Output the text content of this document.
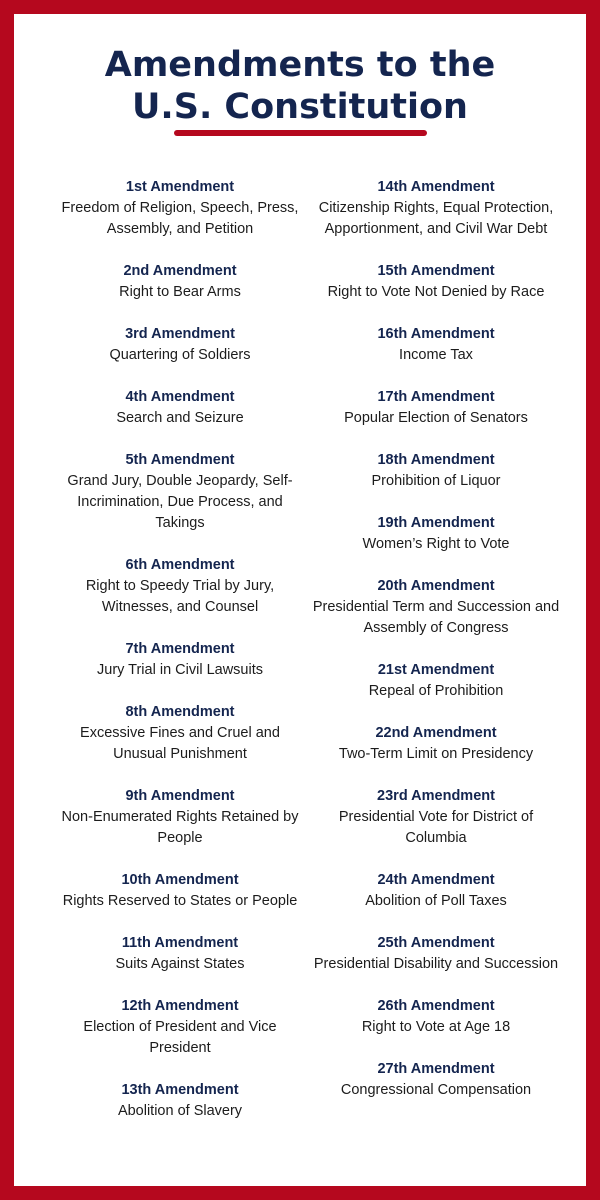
Amendments to the
U.S. Constitution
1st Amendment
Freedom of Religion, Speech, Press, Assembly, and Petition
2nd Amendment
Right to Bear Arms
3rd Amendment
Quartering of Soldiers
4th Amendment
Search and Seizure
5th Amendment
Grand Jury, Double Jeopardy, Self-Incrimination, Due Process, and Takings
6th Amendment
Right to Speedy Trial by Jury, Witnesses, and Counsel
7th Amendment
Jury Trial in Civil Lawsuits
8th Amendment
Excessive Fines and Cruel and Unusual Punishment
9th Amendment
Non-Enumerated Rights Retained by People
10th Amendment
Rights Reserved to States or People
11th Amendment
Suits Against States
12th Amendment
Election of President and Vice President
13th Amendment
Abolition of Slavery
14th Amendment
Citizenship Rights, Equal Protection, Apportionment, and Civil War Debt
15th Amendment
Right to Vote Not Denied by Race
16th Amendment
Income Tax
17th Amendment
Popular Election of Senators
18th Amendment
Prohibition of Liquor
19th Amendment
Women’s Right to Vote
20th Amendment
Presidential Term and Succession and Assembly of Congress
21st Amendment
Repeal of Prohibition
22nd Amendment
Two-Term Limit on Presidency
23rd Amendment
Presidential Vote for District of Columbia
24th Amendment
Abolition of Poll Taxes
25th Amendment
Presidential Disability and Succession
26th Amendment
Right to Vote at Age 18
27th Amendment
Congressional Compensation
